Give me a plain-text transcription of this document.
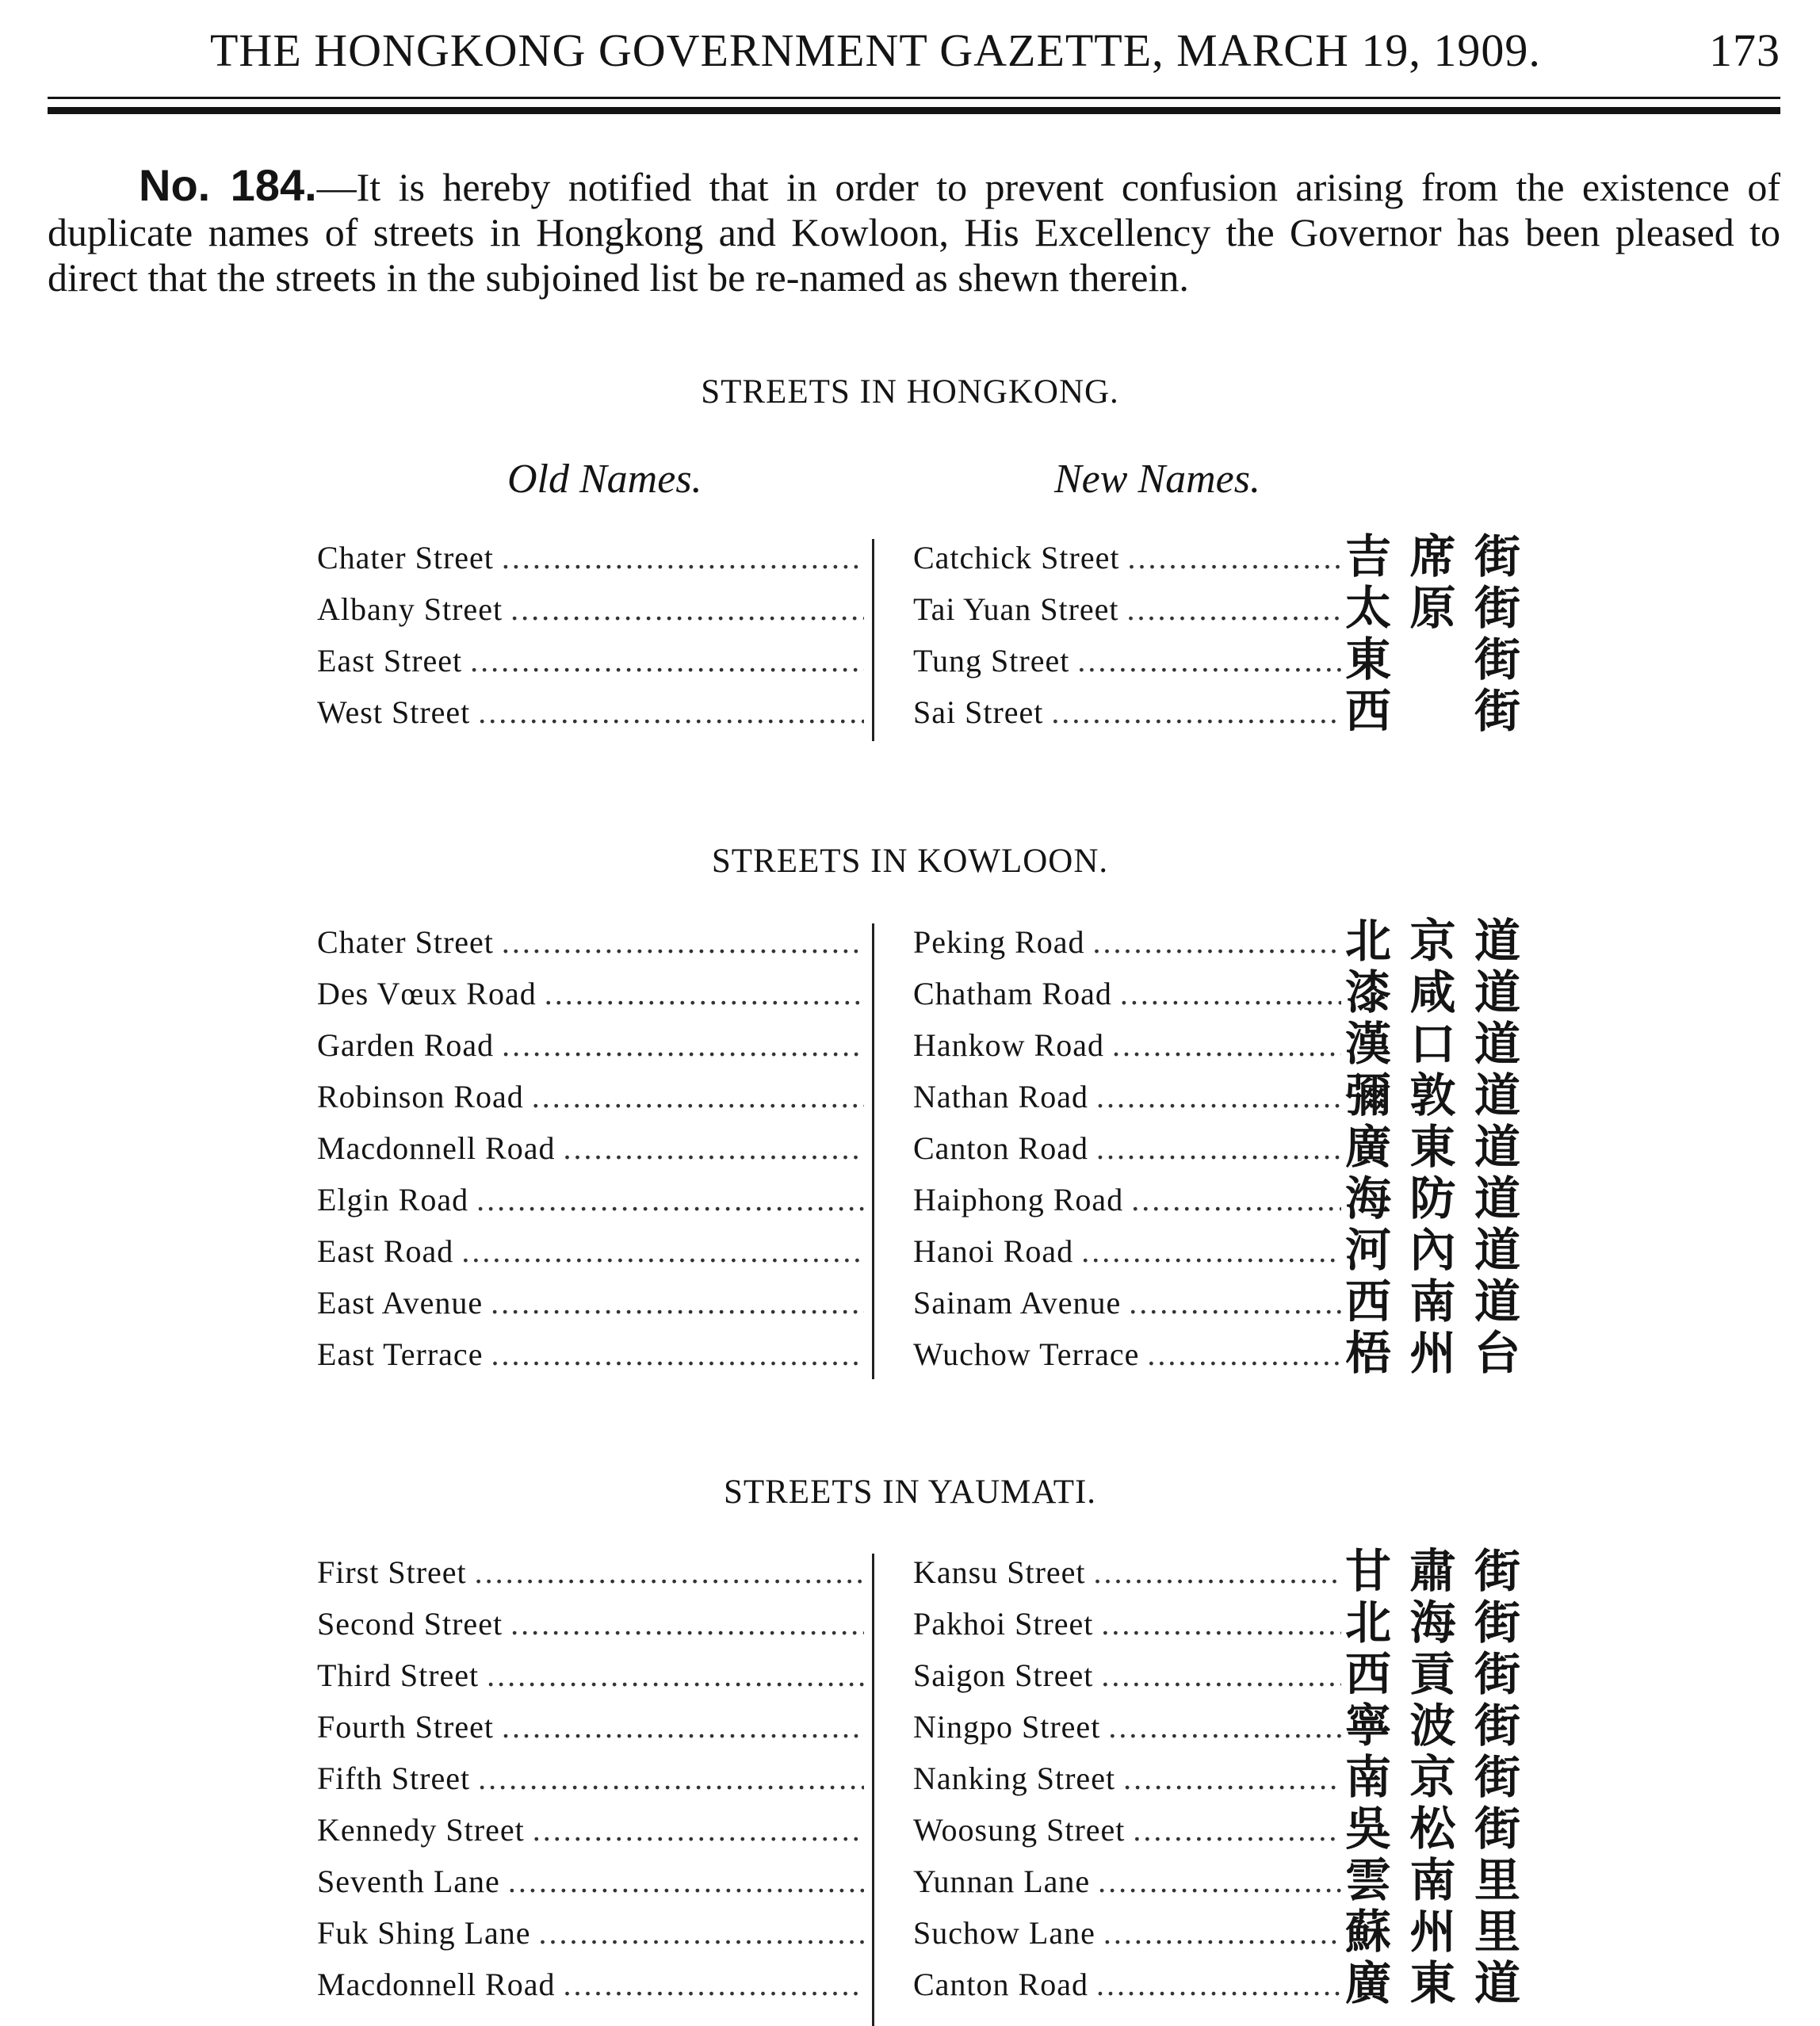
THE HONGKONG GOVERNMENT GAZETTE, MARCH 19, 1909.	173
No. 184.—It is hereby notified that in order to prevent confusion arising from the existence of duplicate names of streets in Hongkong and Kowloon, His Excellency the Governor has been pleased to direct that the streets in the subjoined list be re-named as shewn therein.
STREETS IN HONGKONG.
Old Names.	New Names.
Chater Street .....	Catchick Street .....	吉 席 街
Albany Street .....	Tai Yuan Street .....	太 原 街
East Street .....	Tung Street .....	東 街
West Street .....	Sai Street .....	西 街
STREETS IN KOWLOON.
Chater Street .....	Peking Road .....	北 京 道
Des Vœux Road .....	Chatham Road .....	漆 咸 道
Garden Road .....	Hankow Road .....	漢 口 道
Robinson Road .....	Nathan Road .....	彌 敦 道
Macdonnell Road .....	Canton Road .....	廣 東 道
Elgin Road .....	Haiphong Road .....	海 防 道
East Road .....	Hanoi Road .....	河 內 道
East Avenue .....	Sainam Avenue .....	西 南 道
East Terrace .....	Wuchow Terrace .....	梧 州 台
STREETS IN YAUMATI.
First Street .....	Kansu Street .....	甘 肅 街
Second Street .....	Pakhoi Street .....	北 海 街
Third Street .....	Saigon Street .....	西 貢 街
Fourth Street .....	Ningpo Street .....	寧 波 街
Fifth Street .....	Nanking Street .....	南 京 街
Kennedy Street .....	Woosung Street .....	吳 松 街
Seventh Lane .....	Yunnan Lane .....	雲 南 里
Fuk Shing Lane .....	Suchow Lane .....	蘇 州 里
Macdonnell Road .....	Canton Road .....	廣 東 道
